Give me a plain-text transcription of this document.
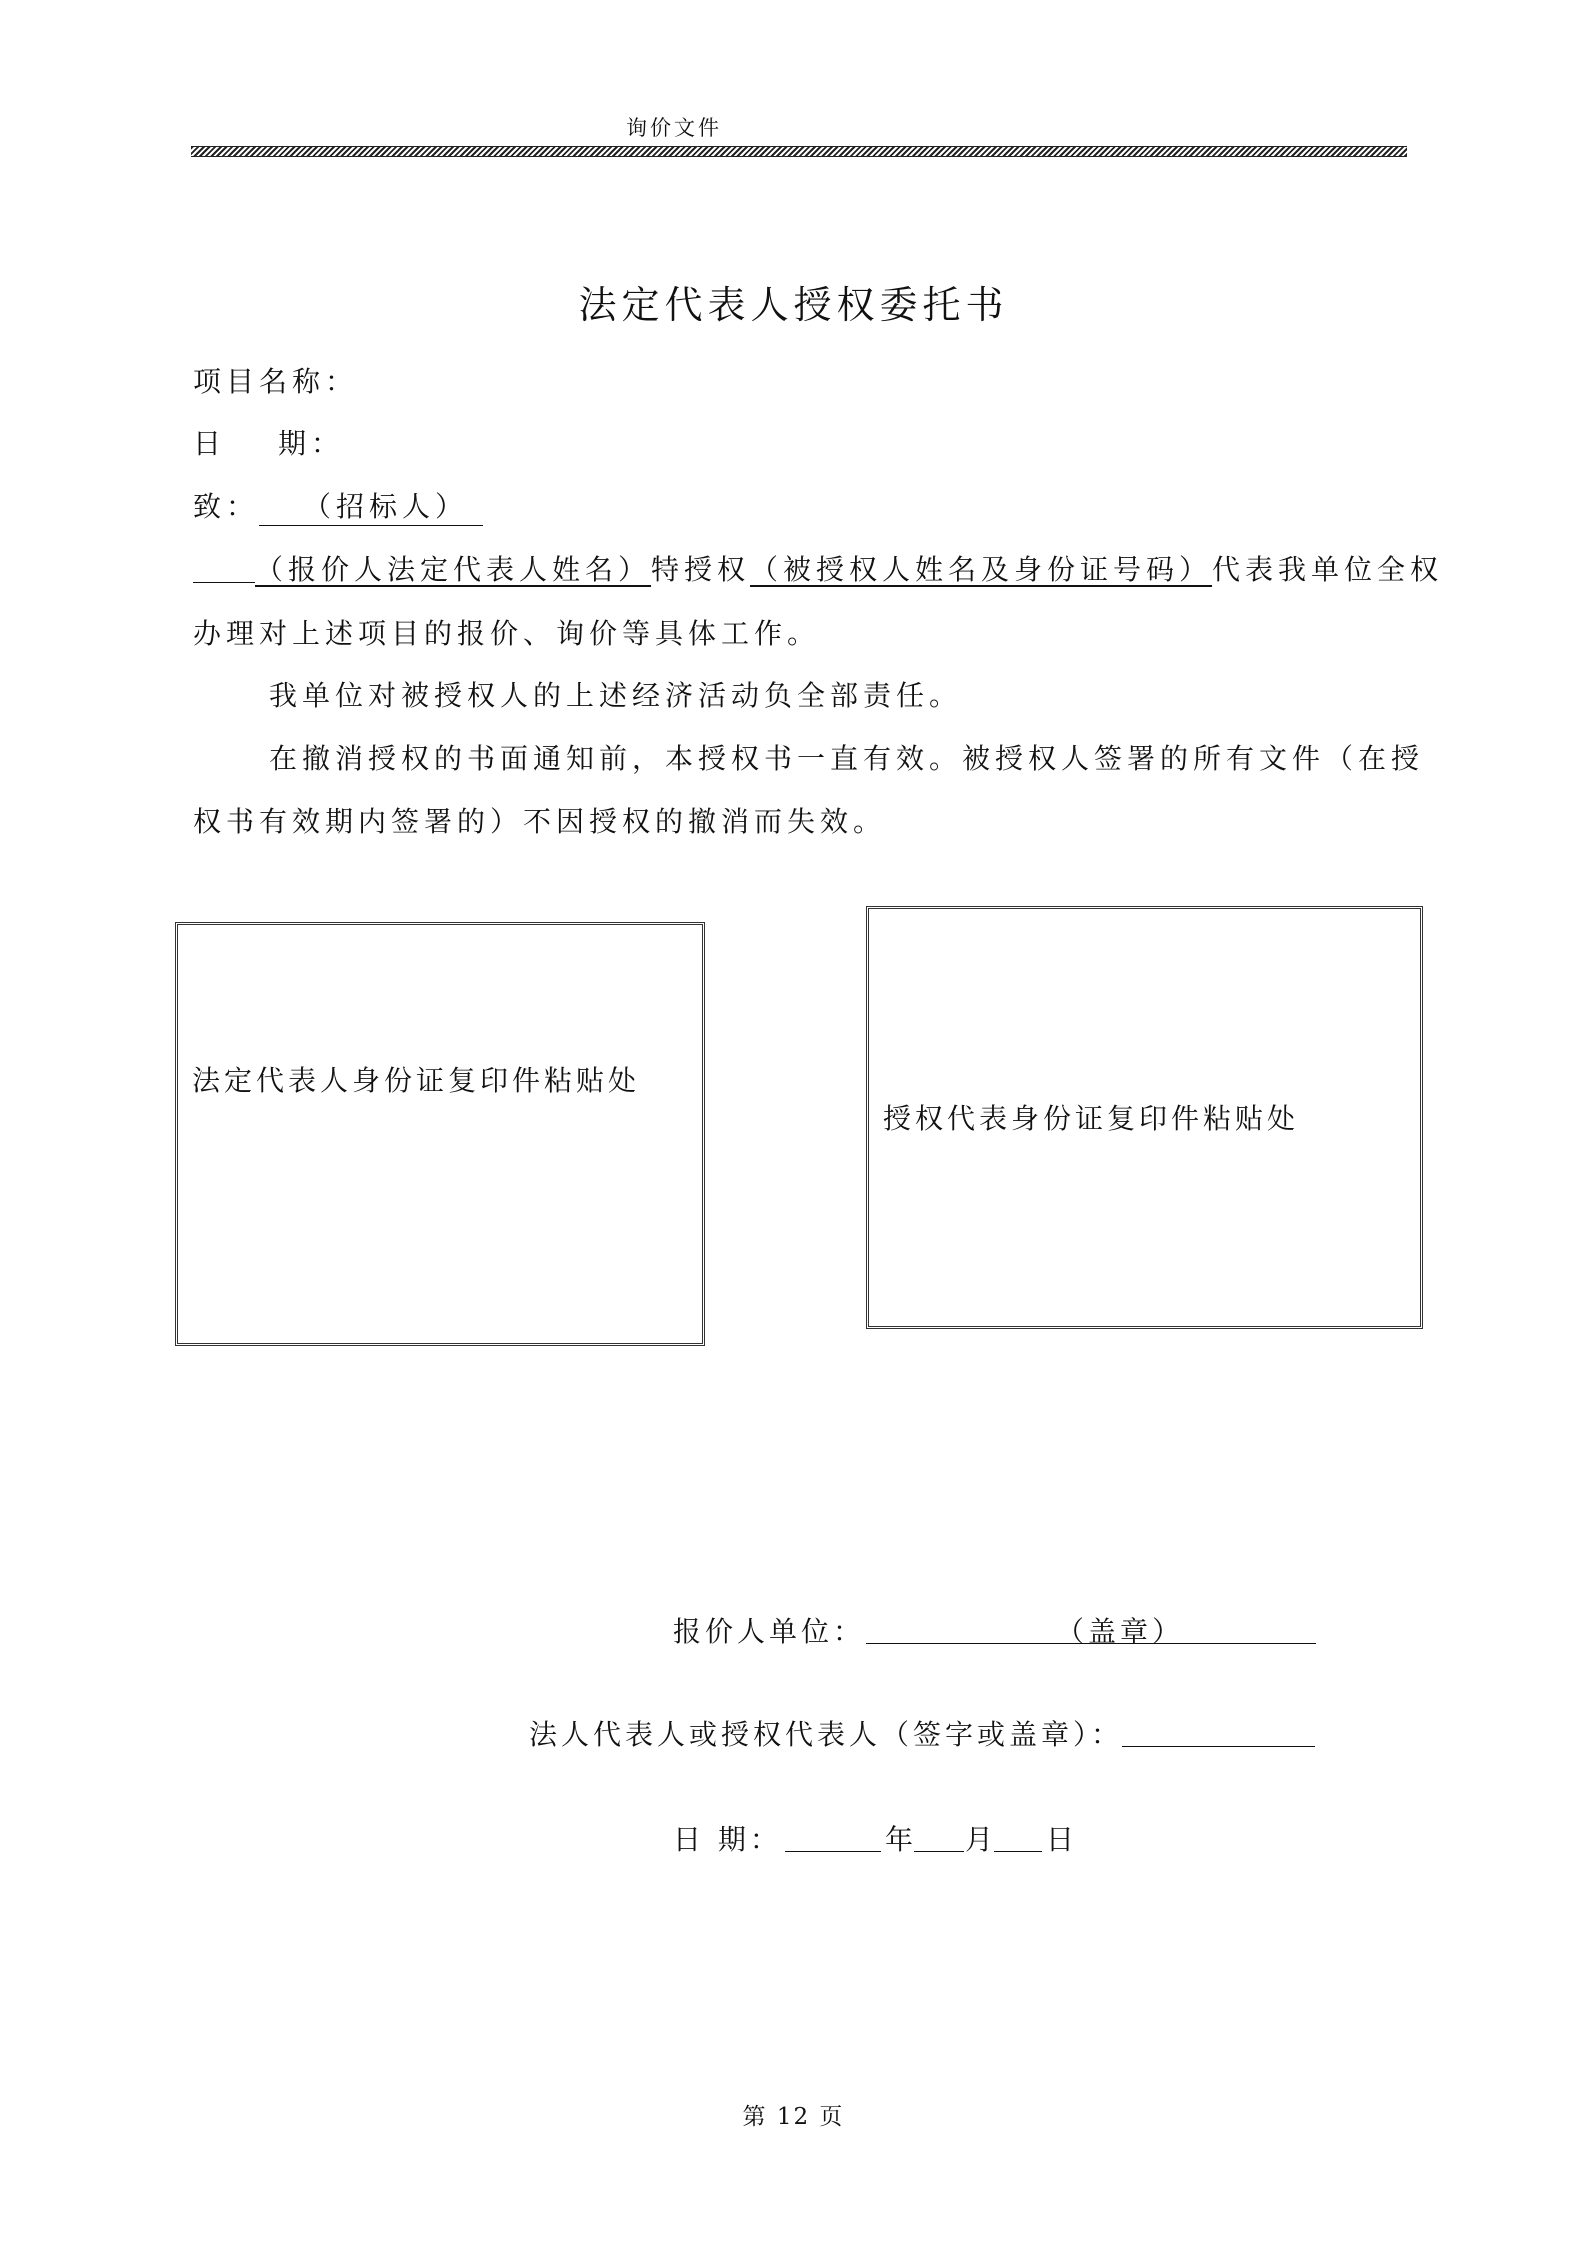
询价文件
法定代表人授权委托书
项目名称：
日 期：
致： （招标人）
（报价人法定代表人姓名）特授权（被授权人姓名及身份证号码）代表我单位全权
办理对上述项目的报价、询价等具体工作。
我单位对被授权人的上述经济活动负全部责任。
在撤消授权的书面通知前，本授权书一直有效。被授权人签署的所有文件（在授
权书有效期内签署的）不因授权的撤消而失效。
法定代表人身份证复印件粘贴处
授权代表身份证复印件粘贴处
报价人单位：	（盖章）
法人代表人或授权代表人（签字或盖章）：
日 期：	年 月 日
第 12 页
